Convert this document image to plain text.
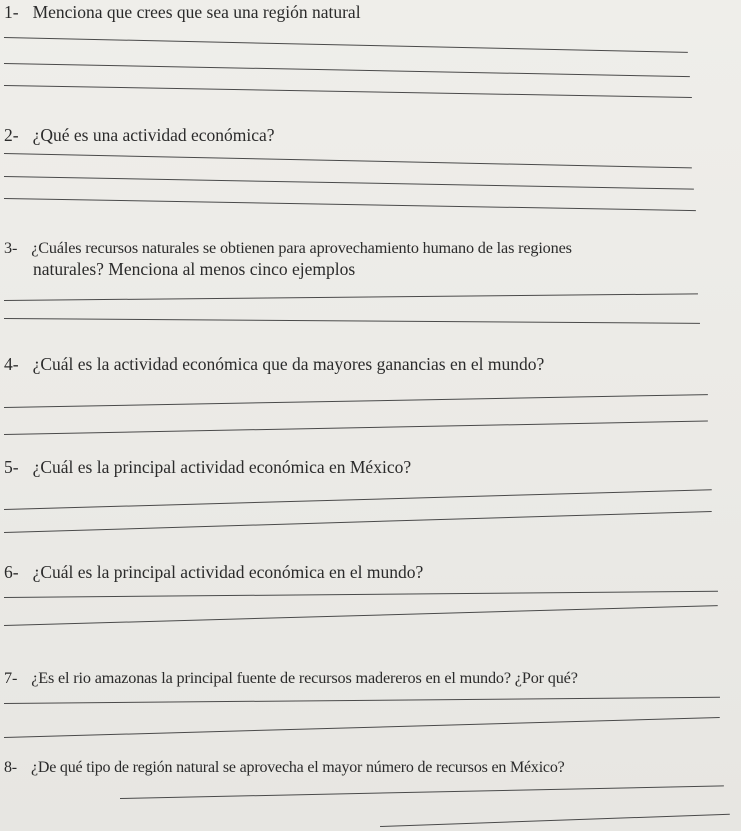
1- Menciona que crees que sea una región natural
2- ¿Qué es una actividad económica?
3- ¿Cuáles recursos naturales se obtienen para aprovechamiento humano de las regiones
naturales? Menciona al menos cinco ejemplos
4- ¿Cuál es la actividad económica que da mayores ganancias en el mundo?
5- ¿Cuál es la principal actividad económica en México?
6- ¿Cuál es la principal actividad económica en el mundo?
7- ¿Es el rio amazonas la principal fuente de recursos madereros en el mundo? ¿Por qué?
8- ¿De qué tipo de región natural se aprovecha el mayor número de recursos en México?
